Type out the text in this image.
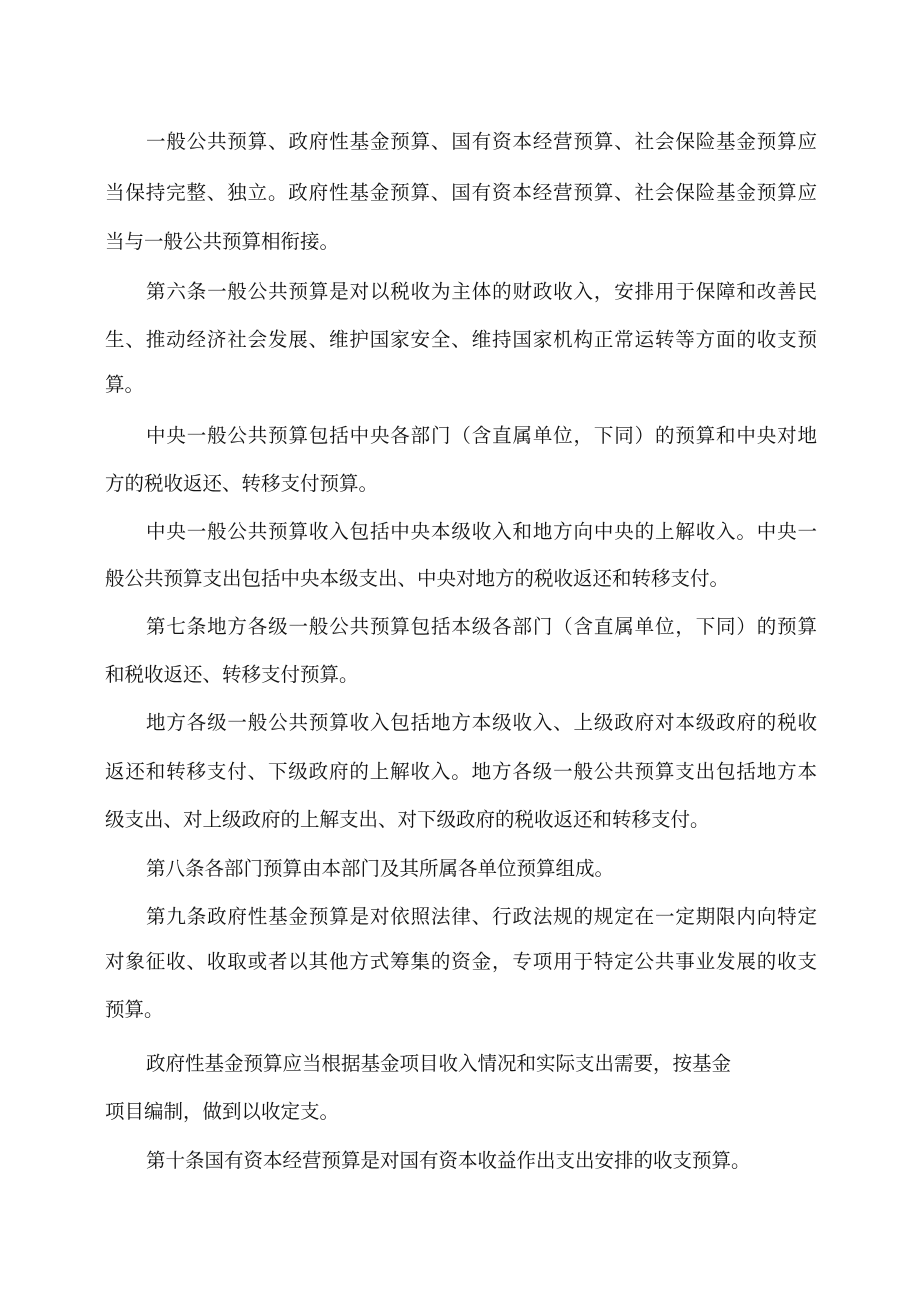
一般公共预算、政府性基金预算、国有资本经营预算、社会保险基金预算应
当保持完整、独立。政府性基金预算、国有资本经营预算、社会保险基金预算应
当与一般公共预算相衔接。
第六条一般公共预算是对以税收为主体的财政收入，安排用于保障和改善民
生、推动经济社会发展、维护国家安全、维持国家机构正常运转等方面的收支预
算。
中央一般公共预算包括中央各部门（含直属单位，下同）的预算和中央对地
方的税收返还、转移支付预算。
中央一般公共预算收入包括中央本级收入和地方向中央的上解收入。中央一
般公共预算支出包括中央本级支出、中央对地方的税收返还和转移支付。
第七条地方各级一般公共预算包括本级各部门（含直属单位，下同）的预算
和税收返还、转移支付预算。
地方各级一般公共预算收入包括地方本级收入、上级政府对本级政府的税收
返还和转移支付、下级政府的上解收入。地方各级一般公共预算支出包括地方本
级支出、对上级政府的上解支出、对下级政府的税收返还和转移支付。
第八条各部门预算由本部门及其所属各单位预算组成。
第九条政府性基金预算是对依照法律、行政法规的规定在一定期限内向特定
对象征收、收取或者以其他方式筹集的资金，专项用于特定公共事业发展的收支
预算。
政府性基金预算应当根据基金项目收入情况和实际支出需要，按基金
项目编制，做到以收定支。
第十条国有资本经营预算是对国有资本收益作出支出安排的收支预算。
